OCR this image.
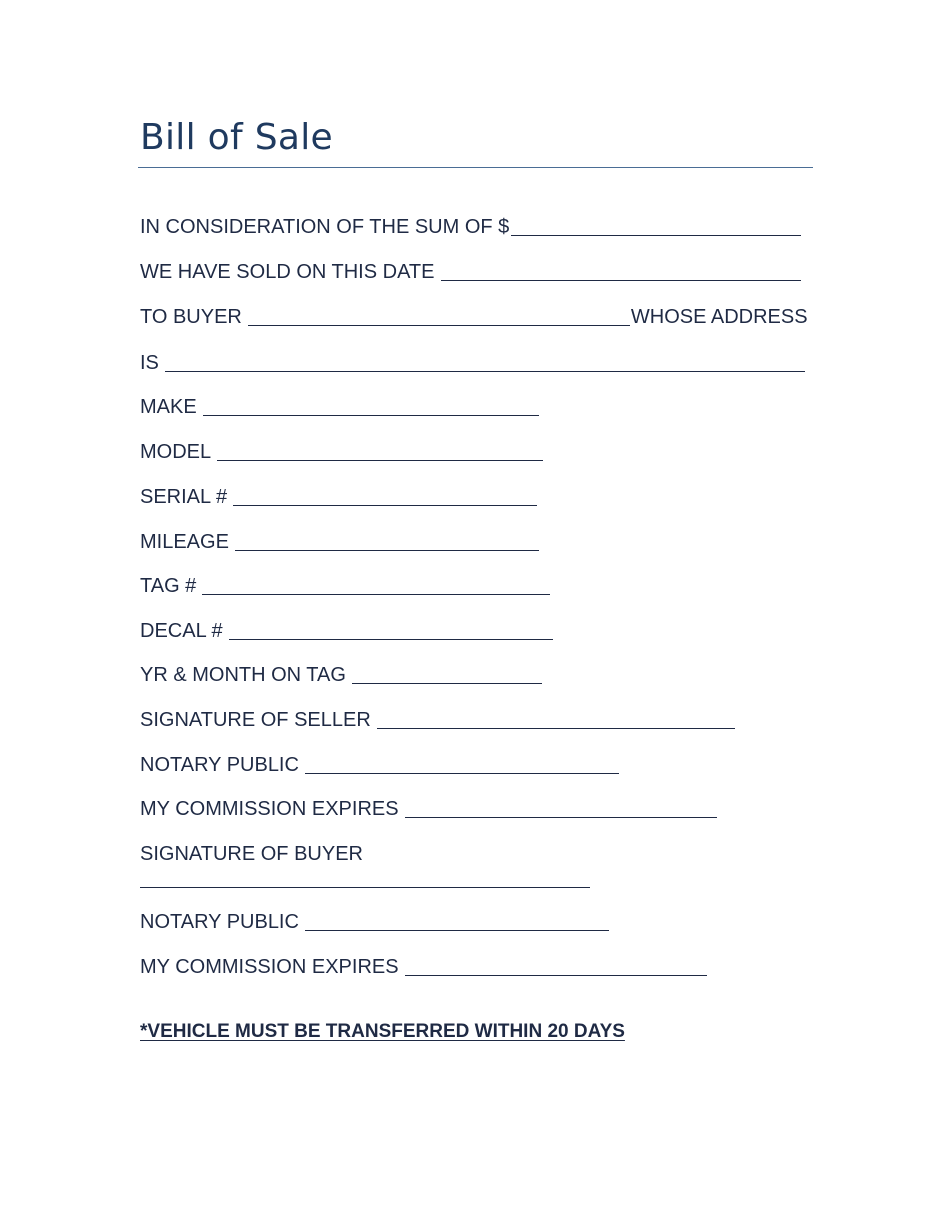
Bill of Sale
IN CONSIDERATION OF THE SUM OF $
WE HAVE SOLD ON THIS DATE
TO BUYER	WHOSE ADDRESS
IS
MAKE
MODEL
SERIAL #
MILEAGE
TAG #
DECAL #
YR & MONTH ON TAG
SIGNATURE OF SELLER
NOTARY PUBLIC
MY COMMISSION EXPIRES
SIGNATURE OF BUYER
NOTARY PUBLIC
MY COMMISSION EXPIRES
*VEHICLE MUST BE TRANSFERRED WITHIN 20 DAYS
